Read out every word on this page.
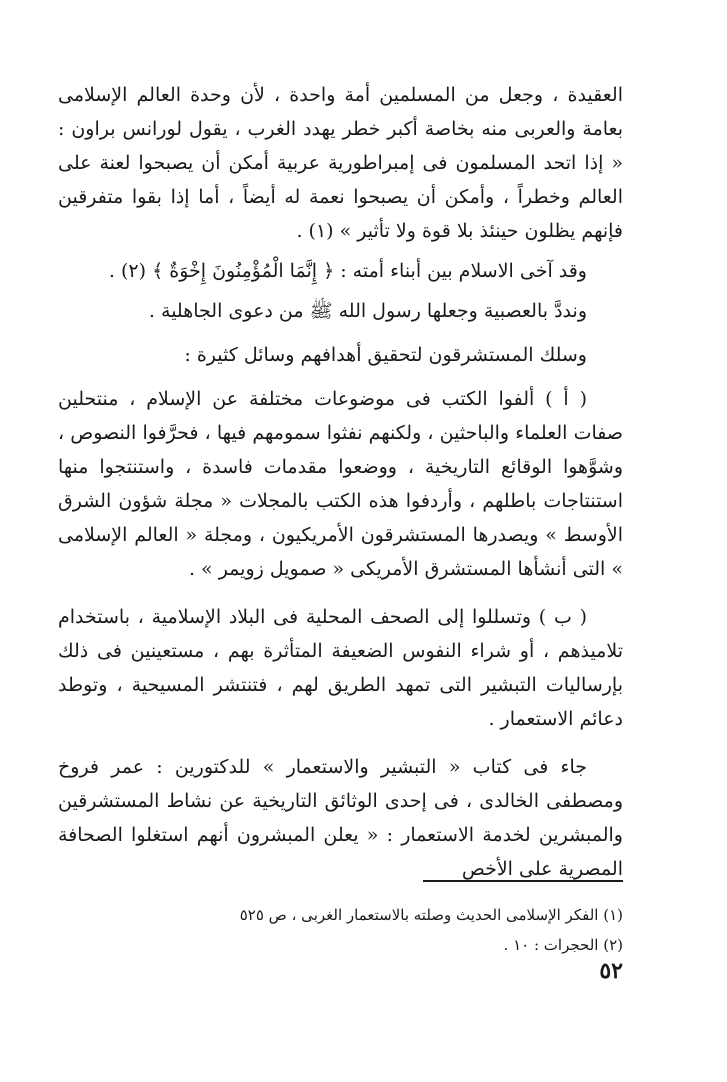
العقيدة ، وجعل من المسلمين أمة واحدة ، لأن وحدة العالم الإسلامى بعامة والعربى منه بخاصة أكبر خطر يهدد الغرب ، يقول لورانس براون : « إذا اتحد المسلمون فى إمبراطورية عربية أمكن أن يصبحوا لعنة على العالم وخطراً ، وأمكن أن يصبحوا نعمة له أيضاً ، أما إذا بقوا متفرقين فإنهم يظلون حينئذ بلا قوة ولا تأثير » (١) .

وقد آخى الاسلام بين أبناء أمته : ﴿ إِنَّمَا الْمُؤْمِنُونَ إِخْوَةٌ ﴾ (٢) .

ونددَّ بالعصبية وجعلها رسول الله ﷺ من دعوى الجاهلية .

وسلك المستشرقون لتحقيق أهدافهم وسائل كثيرة :

( أ ) ألفوا الكتب فى موضوعات مختلفة عن الإسلام ، منتحلين صفات العلماء والباحثين ، ولكنهم نفثوا سمومهم فيها ، فحرَّفوا النصوص ، وشوَّهوا الوقائع التاريخية ، ووضعوا مقدمات فاسدة ، واستنتجوا منها استنتاجات باطلهم ، وأردفوا هذه الكتب بالمجلات « مجلة شؤون الشرق الأوسط » ويصدرها المستشرقون الأمريكيون ، ومجلة « العالم الإسلامى » التى أنشأها المستشرق الأمريكى « صمويل زويمر » .

( ب ) وتسللوا إلى الصحف المحلية فى البلاد الإسلامية ، باستخدام تلاميذهم ، أو شراء النفوس الضعيفة المتأثرة بهم ، مستعينين فى ذلك بإرساليات التبشير التى تمهد الطريق لهم ، فتنتشر المسيحية ، وتوطد دعائم الاستعمار .

جاء فى كتاب « التبشير والاستعمار » للدكتورين : عمر فروخ ومصطفى الخالدى ، فى إحدى الوثائق التاريخية عن نشاط المستشرقين والمبشرين لخدمة الاستعمار : « يعلن المبشرون أنهم استغلوا الصحافة المصرية على الأخص

(١) الفكر الإسلامى الحديث وصلته بالاستعمار الغربى ، ص ٥٢٥

(٢) الحجرات : ١٠ .

٥٢
